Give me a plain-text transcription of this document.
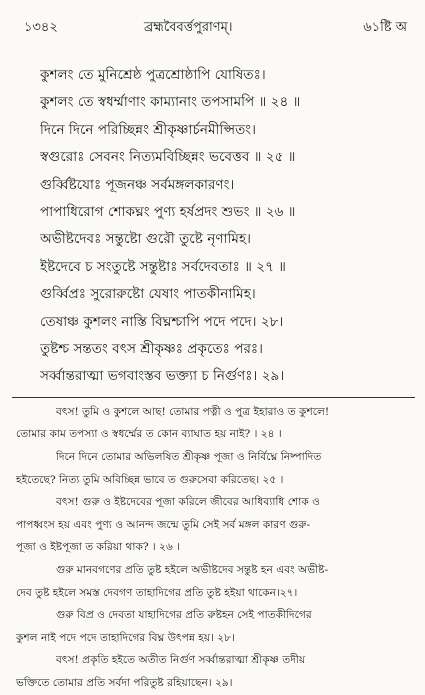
১৩৪২	ব্রহ্মবৈবর্ত্তপুরাণম্।	৬১ষ্টি অ
কুশলং তে মুনিশ্রেষ্ঠ পুত্রশ্রোষ্ঠাপি যোষিতঃ।
কুশলং তে স্বধর্ম্মাণাং কাম্যানাং তপসামপি ॥ ২৪ ॥
দিনে দিনে পরিচ্ছিন্নং শ্রীকৃষ্ণার্চনমীপ্সিতং।
স্বগুরোঃ সেবনং নিত্যমবিচ্ছিন্নং ভবেত্তব ॥ ২৫ ॥
গুর্ব্বিষ্টযোঃ পূজনঞ্চ সর্বমঙ্গলকারণং।
পাপাধিরোগ শোকঘ্নং পুণ্য হর্ষপ্রদং শুভং ॥ ২৬ ॥
অভীষ্টদেবঃ সন্তুষ্টো গুরৌ তুষ্টে নৃণামিহ।
ইষ্টদেবে চ সংতুষ্টে সন্তুষ্টাঃ সর্বদেবতাঃ ॥ ২৭ ॥
গুর্ব্বিপ্রঃ সুরোরুষ্টো যেষাং পাতকীনামিহ।
তেষাঞ্চ কুশলং নাস্তি বিঘ্নশ্চাপি পদে পদে। ২৮।
তুষ্টশ্চ সন্ততং বৎস শ্রীকৃষ্ণঃ প্রকৃতেঃ পরঃ।
সর্ব্বান্তরাত্মা ভগবাংস্তব ভক্ত্যা চ নির্গুণঃ। ২৯।
বৎস! তুমি ও কুশলে আছ! তোমার পত্নী ও পুত্র ইহারাও ত কুশলে!
তোমার কাম তপস্যা ও স্বধর্ম্মের ত কোন ব্যাঘাত হয় নাই? । ২৪ ।
দিনে দিনে তোমার অভিলষিত শ্রীকৃষ্ণ পূজা ও নির্বিঘ্নে নিষ্পাদিত
হইতেছে? নিত্য তুমি অবিচ্ছিন্ন ভাবে ত গুরুসেবা করিতেছ। ২৫ ।
বৎস! গুরু ও ইষ্টদেবের পূজা করিলে জীবের আধিব্যাধি শোক ও
পাপধ্বংস হয় এবং পুণ্য ও আনন্দ জন্মে তুমি সেই সর্ব মঙ্গল কারণ গুরু-
পূজা ও ইষ্টপূজা ত করিয়া থাক? । ২৬ ।
গুরু মানবগণের প্রতি তুষ্ট হইলে অভীষ্টদেব সন্তুষ্ট হন এবং অভীষ্ট-
দেব তুষ্ট হইলে সমস্ত দেবগণ তাহাদিগের প্রতি তুষ্ট হইয়া থাকেন।২৭।
গুরু বিপ্র ও দেবতা যাহাদিগের প্রতি রুষ্টহন সেই পাতকীদিগের
কুশল নাই পদে পদে তাহাদিগের বিঘ্ন উৎপন্ন হয়। ২৮।
বৎস! প্রকৃতি হইতে অতীত নির্গুণ সর্ব্বান্তরাত্মা শ্রীকৃষ্ণ তদীয়
ভক্তিতে তোমার প্রতি সর্বদা পরিতুষ্ট রহিয়াছেন। ২৯।
